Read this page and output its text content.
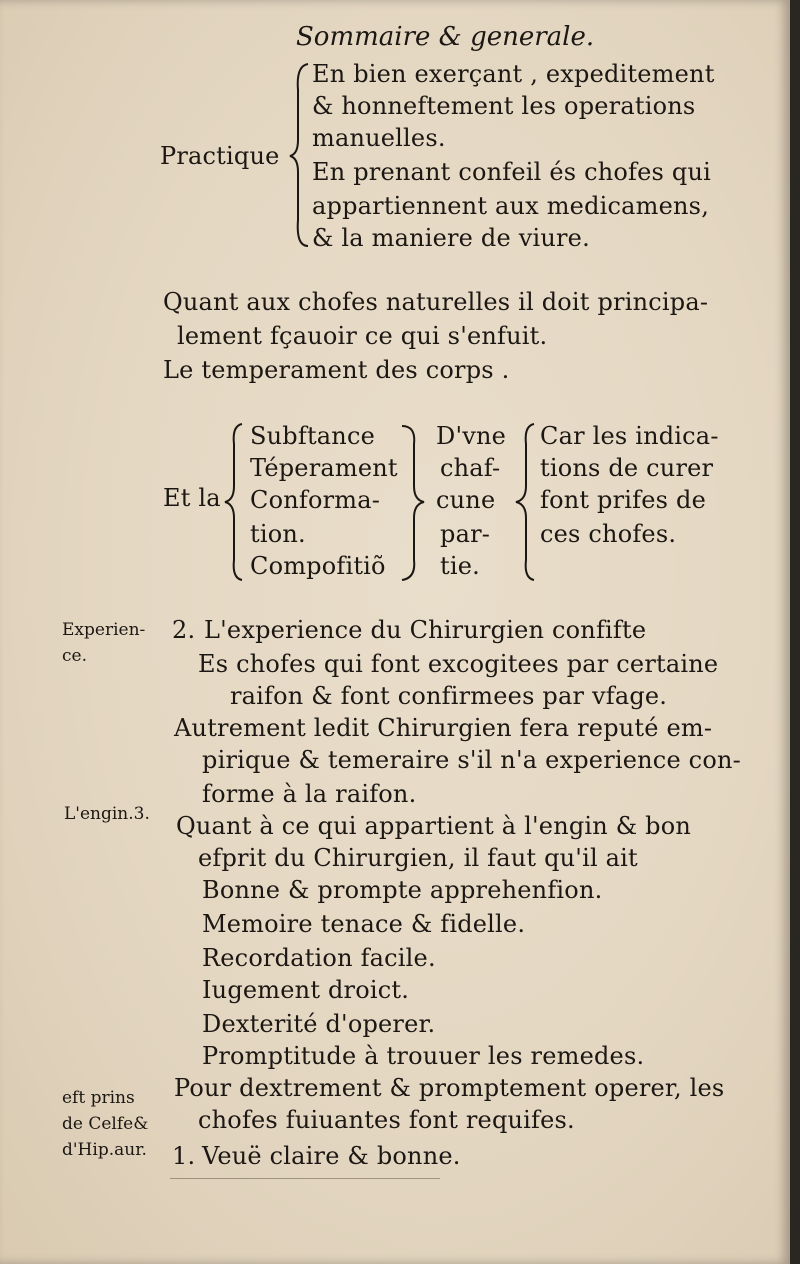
Sommaire & generale.
Practique
En bien exerçant , expeditement
& honneftement les operations
manuelles.
En prenant confeil és chofes qui
appartiennent aux medicamens,
& la maniere de viure.
Quant aux chofes naturelles il doit principa-
lement fçauoir ce qui s'enfuit.
Le temperament des corps .
Et la
Subftance
Téperament
Conforma-
tion.
Compofitiõ
D'vne
chaf-
cune
par-
tie.
Car les indica-
tions de curer
font prifes de
ces chofes.
Experien-
ce.
2. L'experience du Chirurgien confifte
Es chofes qui font excogitees par certaine
raifon & font confirmees par vfage.
Autrement ledit Chirurgien fera reputé em-
pirique & temeraire s'il n'a experience con-
forme à la raifon.
L'engin.3. Quant à ce qui appartient à l'engin & bon
efprit du Chirurgien, il faut qu'il ait
Bonne & prompte apprehenfion.
Memoire tenace & fidelle.
Recordation facile.
Iugement droict.
Dexterité d'operer.
Promptitude à trouuer les remedes.
eft prins
de Celfe&
d'Hip.aur.
Pour dextrement & promptement operer, les
chofes fuiuantes font requifes.
1. Veuë claire & bonne.
